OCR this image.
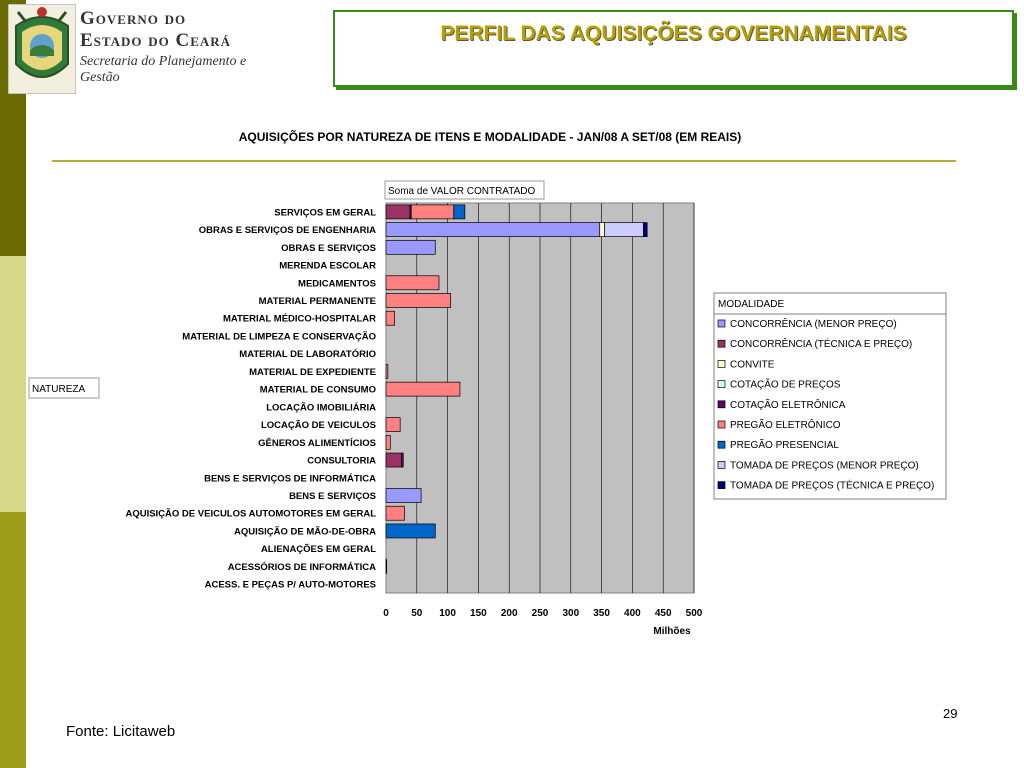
Governo do
Estado do Ceará
Secretaria do Planejamento e Gestão
PERFIL DAS AQUISIÇÕES GOVERNAMENTAIS
AQUISIÇÕES POR NATUREZA DE ITENS E MODALIDADE - JAN/08 A SET/08 (EM REAIS)
Soma de VALOR CONTRATADO
NATUREZA
0 50 100 150 200 250 300 350 400 450 500
Milhões
SERVIÇOS EM GERAL
OBRAS E SERVIÇOS DE ENGENHARIA
OBRAS E SERVIÇOS
MERENDA ESCOLAR
MEDICAMENTOS
MATERIAL PERMANENTE
MATERIAL MÉDICO-HOSPITALAR
MATERIAL DE LIMPEZA E CONSERVAÇÃO
MATERIAL DE LABORATÓRIO
MATERIAL DE EXPEDIENTE
MATERIAL DE CONSUMO
LOCAÇÃO IMOBILIÁRIA
LOCAÇÃO DE VEICULOS
GÊNEROS ALIMENTÍCIOS
CONSULTORIA
BENS E SERVIÇOS DE INFORMÁTICA
BENS E SERVIÇOS
AQUISIÇÃO DE VEICULOS AUTOMOTORES EM GERAL
AQUISIÇÃO DE MÃO-DE-OBRA
ALIENAÇÕES EM GERAL
ACESSÓRIOS DE INFORMÁTICA
ACESS. E PEÇAS P/ AUTO-MOTORES
MODALIDADE
CONCORRÊNCIA (MENOR PREÇO)
CONCORRÊNCIA (TÉCNICA E PREÇO)
CONVITE
COTAÇÃO DE PREÇOS
COTAÇÃO ELETRÔNICA
PREGÃO ELETRÔNICO
PREGÃO PRESENCIAL
TOMADA DE PREÇOS (MENOR PREÇO)
TOMADA DE PREÇOS (TÉCNICA E PREÇO)
Fonte: Licitaweb
29
